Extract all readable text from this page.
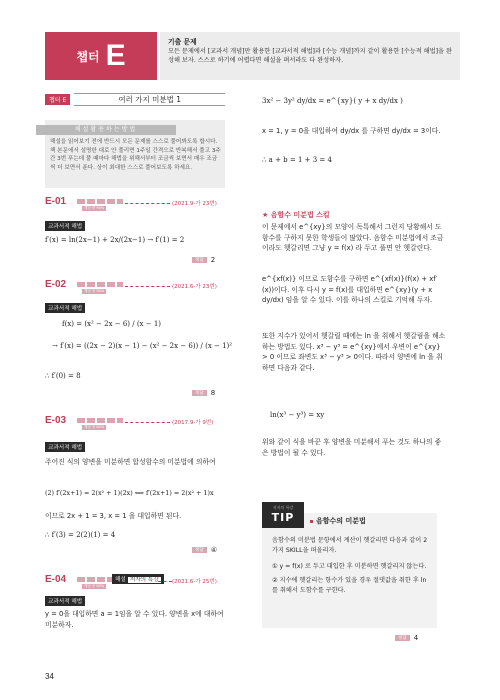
챕터 E	기출 문제
모든 문제에서 [교과서 개념]만 활용한 [교과서적 해법]과 [수능 개념]까지 같이 활용한 [수능적 해법]을 완성해 보자. 스스로 하기에 어렵다면 해설을 펴서라도 다 완성하자.
챕터 E	여러 가지 미분법 1
해설활용하는방법
해설을 읽어보기 전에 반드시 모든 문제를 스스로 풀어봐도록 합시다. 책 본문에서 설명한 대로 안 풀리면 1주일 간격으로 반복해서 풀고 3주간 3번 푸는데 풀 때마다 해법을 위해서부터 조금씩 보면서 매우 조금씩 더 보면서 푼다. 상이 최대한 스스로 풀어보도록 하세요.
E-01
개념 중 90%
(2021.9-가 23번)
교과서적 해법
f′(x) = ln(2x−1) + 2x/(2x−1) → f′(1) = 2
정답	2
E-02
개념 중 90%
(2021.6-가 23번)
교과서적 해법
f(x) = (x² − 2x − 6) / (x − 1)
→ f′(x) = ((2x − 2)(x − 1) − (x² − 2x − 6)) / (x − 1)²
∴ f′(0) = 8
정답	8
E-03
개념 중 80%
(2017.9-가 9번)
교과서적 해법
주어진 식의 양변을 미분하면 합성함수의 미분법에 의하여
(2) f′(2x+1) = 2(x² + 1)(2x) ⟺ f′(2x+1) = 2(x² + 1)x
이므로 2x + 1 = 3, x = 1 을 대입하면 된다.
∴ f′(3) = 2(2)(1) = 4
정답	④
E-04
개념 중 60%
해설 저자의 특강	(2021.6-가 25번)
교과서적 해법
y = 0을 대입하면 a = 1임을 알 수 있다. 양변을 x에 대하여 미분하자.
34
3x² − 3y² dy/dx = e^{xy}( y + x dy/dx )
x = 1, y = 0을 대입하여 dy/dx 를 구하면 dy/dx = 3이다.
∴ a + b = 1 + 3 = 4
★ 음함수 미분법 스킬
이 문제에서 e^{xy}의 모양이 독특해서 그런지 당황해서 도함수를 구하지 못한 학생들이 많았다. 음함수 미분법에서 조금이라도 헷갈리면 그냥 y = f(x) 라 두고 풀면 안 헷갈린다.
e^{xf(x)} 이므로 도함수를 구하면 e^{xf(x)}(f(x) + xf′(x))이다. 이후 다시 y = f(x)를 대입하면 e^{xy}(y + x dy/dx) 임을 알 수 있다. 이를 하나의 스킬로 기억해 두자.
또한 지수가 있어서 헷갈릴 때에는 ln 을 취해서 헷갈림을 해소하는 방법도 있다. x³ − y³ = e^{xy}에서 우변이 e^{xy} > 0 이므로 좌변도 x³ − y³ > 0이다. 따라서 양변에 ln 을 취하면 다음과 같다.
ln(x³ − y³) = xy
위와 같이 식을 바꾼 후 양변을 미분해서 푸는 것도 하나의 좋은 방법이 될 수 있다.
저자의 특강
TIP	음함수의 미분법
음함수의 미분법 문항에서 계산이 헷갈리면 다음과 같이 2가지 SKILL을 떠올리자.
① y = f(x) 로 두고 대입한 후 미분하면 헷갈리지 않는다.
② 지수에 헷갈리는 항수가 있을 경우 절댓값을 취한 후 ln 를 취해서 도함수를 구한다.
정답	4
